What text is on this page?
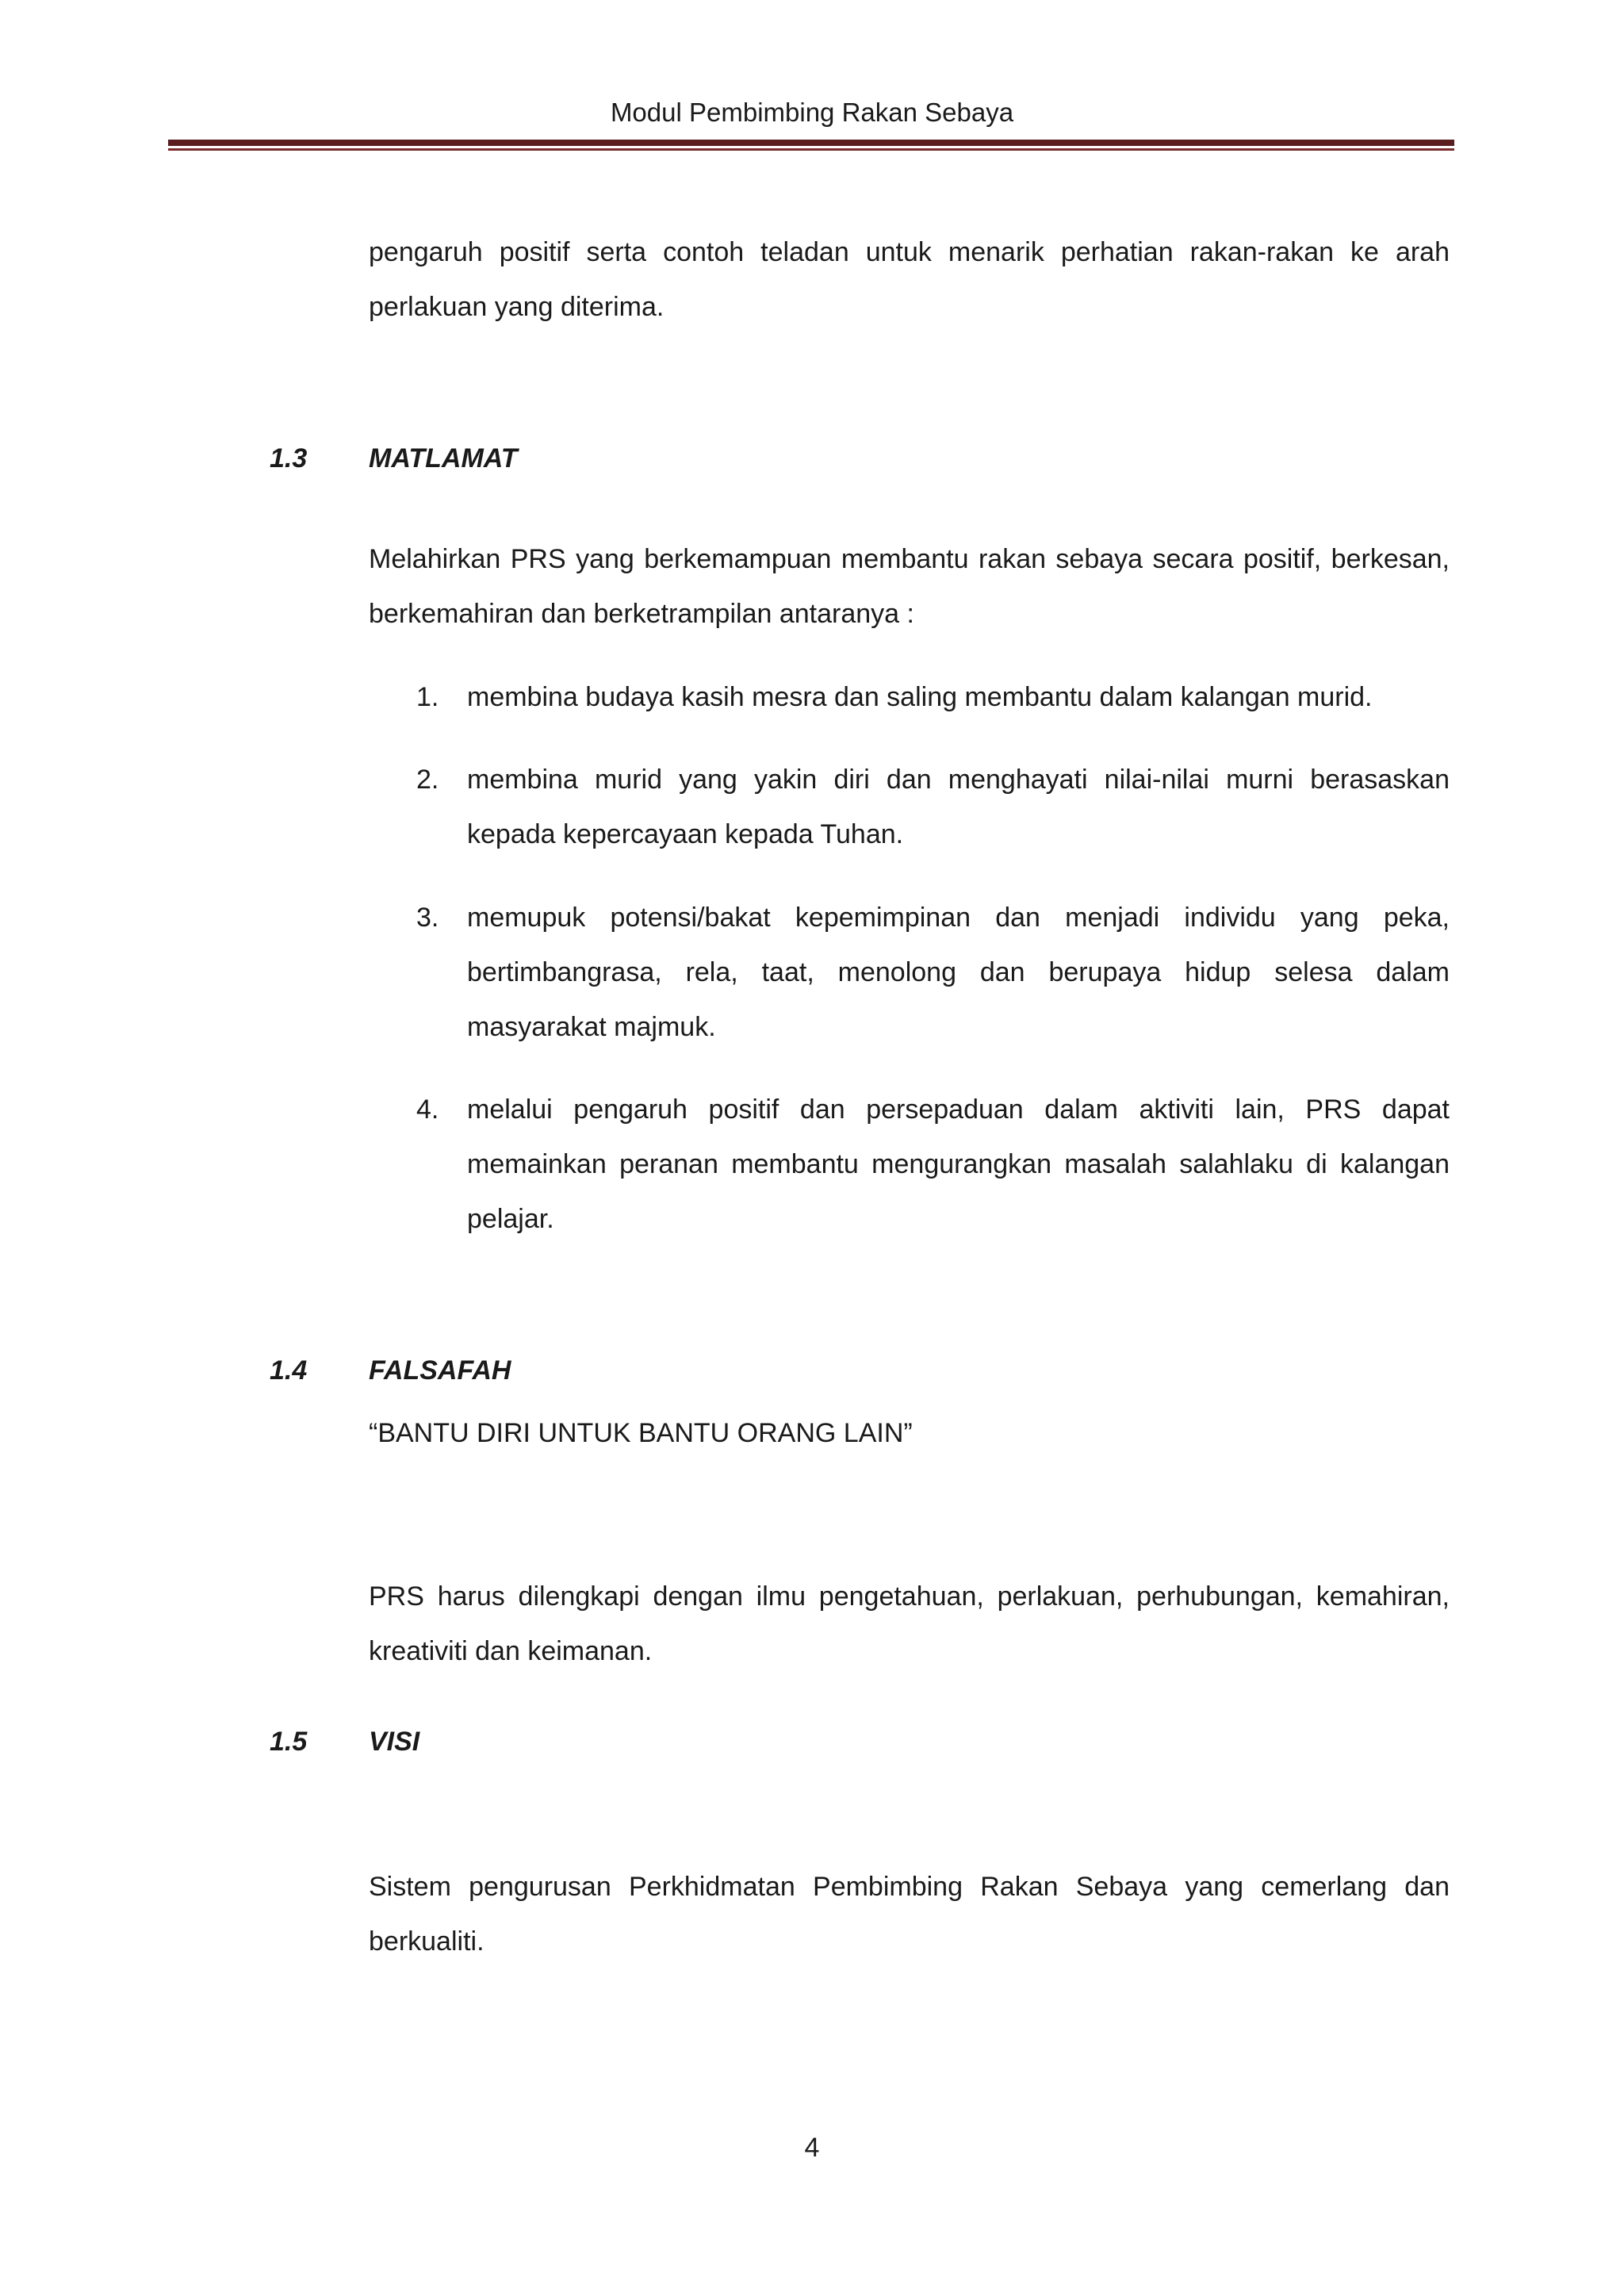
Modul Pembimbing Rakan Sebaya

pengaruh positif serta contoh teladan untuk menarik perhatian rakan-rakan ke arah perlakuan yang diterima.

1.3 MATLAMAT

Melahirkan PRS yang berkemampuan membantu rakan sebaya secara positif, berkesan, berkemahiran dan berketrampilan antaranya :

1. membina budaya kasih mesra dan saling membantu dalam kalangan murid.

2. membina murid yang yakin diri dan menghayati nilai-nilai murni berasaskan kepada kepercayaan kepada Tuhan.

3. memupuk potensi/bakat kepemimpinan dan menjadi individu yang peka, bertimbangrasa, rela, taat, menolong dan berupaya hidup selesa dalam masyarakat majmuk.

4. melalui pengaruh positif dan persepaduan dalam aktiviti lain, PRS dapat memainkan peranan membantu mengurangkan masalah salahlaku di kalangan pelajar.

1.4 FALSAFAH
“BANTU DIRI UNTUK BANTU ORANG LAIN”

PRS harus dilengkapi dengan ilmu pengetahuan, perlakuan, perhubungan, kemahiran, kreativiti dan keimanan.

1.5 VISI

Sistem pengurusan Perkhidmatan Pembimbing Rakan Sebaya yang cemerlang dan berkualiti.

4
